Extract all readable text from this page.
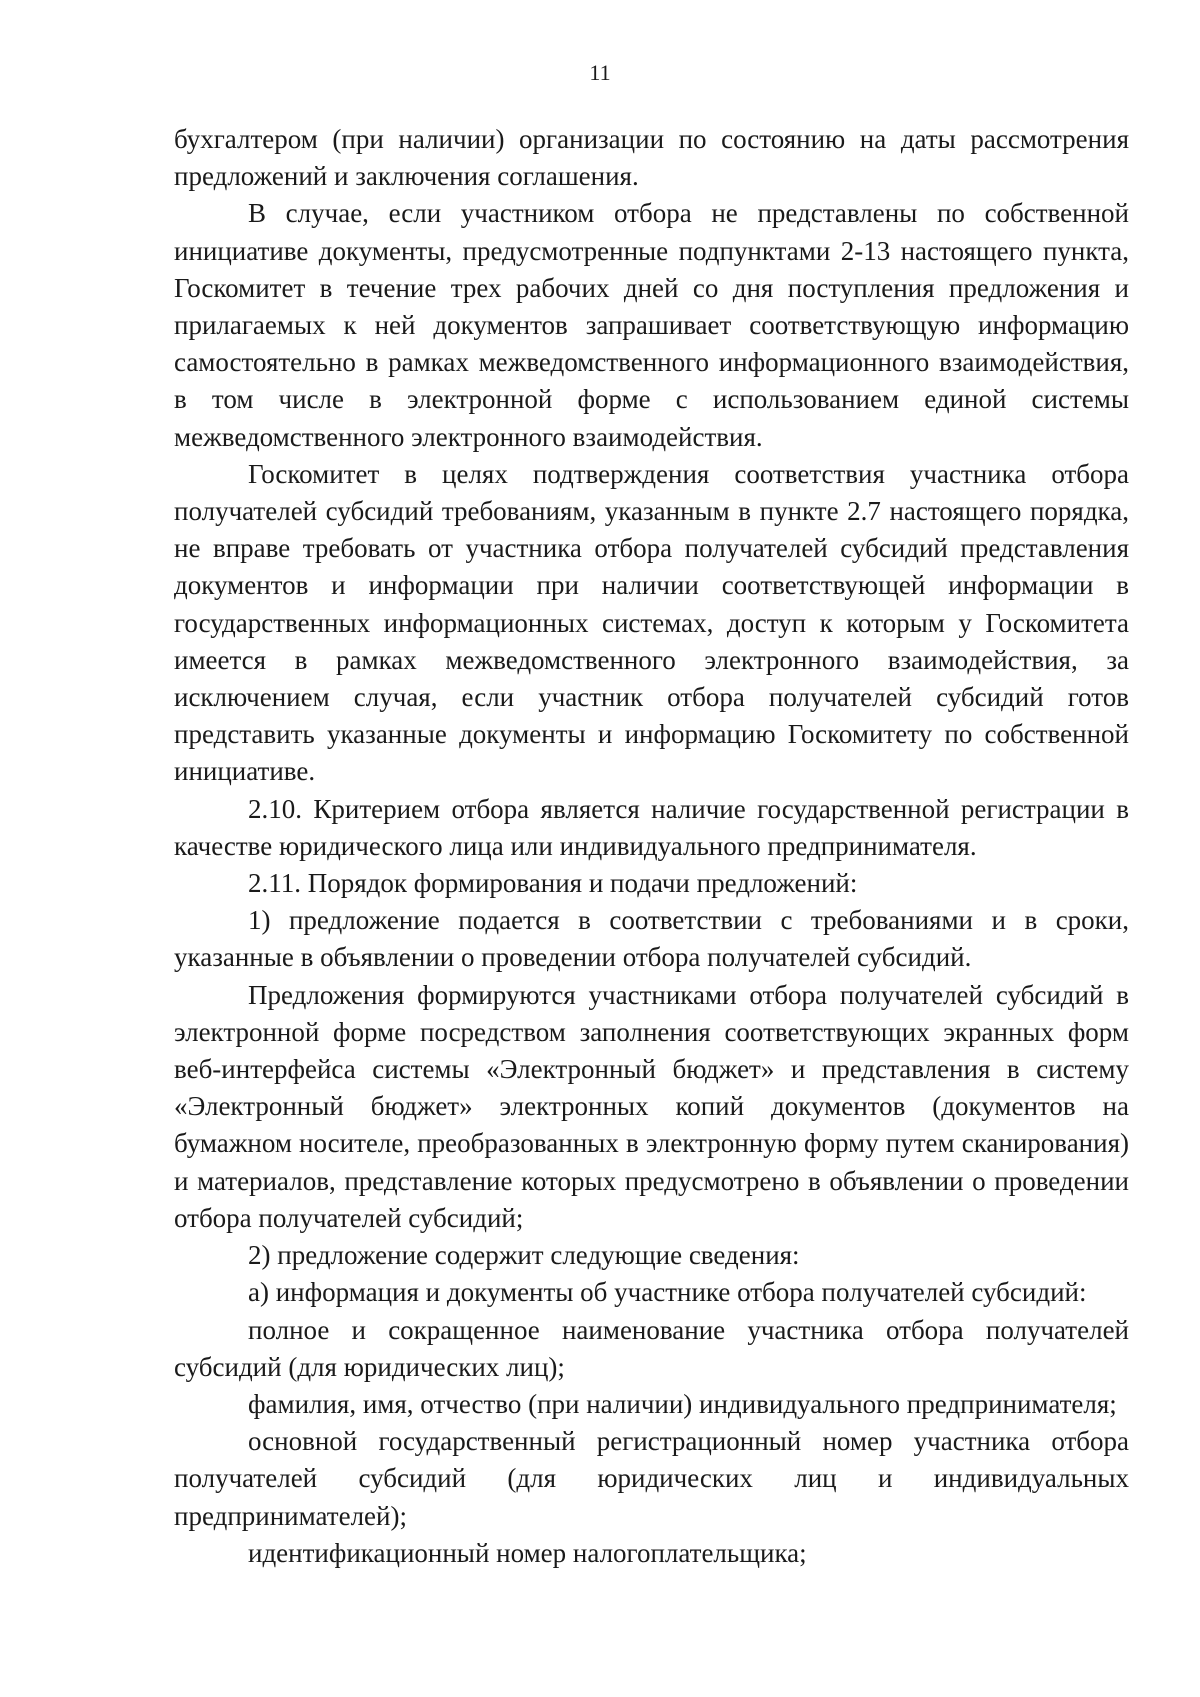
11

бухгалтером (при наличии) организации по состоянию на даты рассмотрения предложений и заключения соглашения.

В случае, если участником отбора не представлены по собственной инициативе документы, предусмотренные подпунктами 2-13 настоящего пункта, Госкомитет в течение трех рабочих дней со дня поступления предложения и прилагаемых к ней документов запрашивает соответствующую информацию самостоятельно в рамках межведомственного информационного взаимодействия, в том числе в электронной форме с использованием единой системы межведомственного электронного взаимодействия.

Госкомитет в целях подтверждения соответствия участника отбора получателей субсидий требованиям, указанным в пункте 2.7 настоящего порядка, не вправе требовать от участника отбора получателей субсидий представления документов и информации при наличии соответствующей информации в государственных информационных системах, доступ к которым у Госкомитета имеется в рамках межведомственного электронного взаимодействия, за исключением случая, если участник отбора получателей субсидий готов представить указанные документы и информацию Госкомитету по собственной инициативе.

2.10. Критерием отбора является наличие государственной регистрации в качестве юридического лица или индивидуального предпринимателя.

2.11. Порядок формирования и подачи предложений:

1) предложение подается в соответствии с требованиями и в сроки, указанные в объявлении о проведении отбора получателей субсидий.

Предложения формируются участниками отбора получателей субсидий в электронной форме посредством заполнения соответствующих экранных форм веб-интерфейса системы «Электронный бюджет» и представления в систему «Электронный бюджет» электронных копий документов (документов на бумажном носителе, преобразованных в электронную форму путем сканирования) и материалов, представление которых предусмотрено в объявлении о проведении отбора получателей субсидий;

2) предложение содержит следующие сведения:

а) информация и документы об участнике отбора получателей субсидий:

полное и сокращенное наименование участника отбора получателей субсидий (для юридических лиц);

фамилия, имя, отчество (при наличии) индивидуального предпринимателя;

основной государственный регистрационный номер участника отбора получателей субсидий (для юридических лиц и индивидуальных предпринимателей);

идентификационный номер налогоплательщика;
